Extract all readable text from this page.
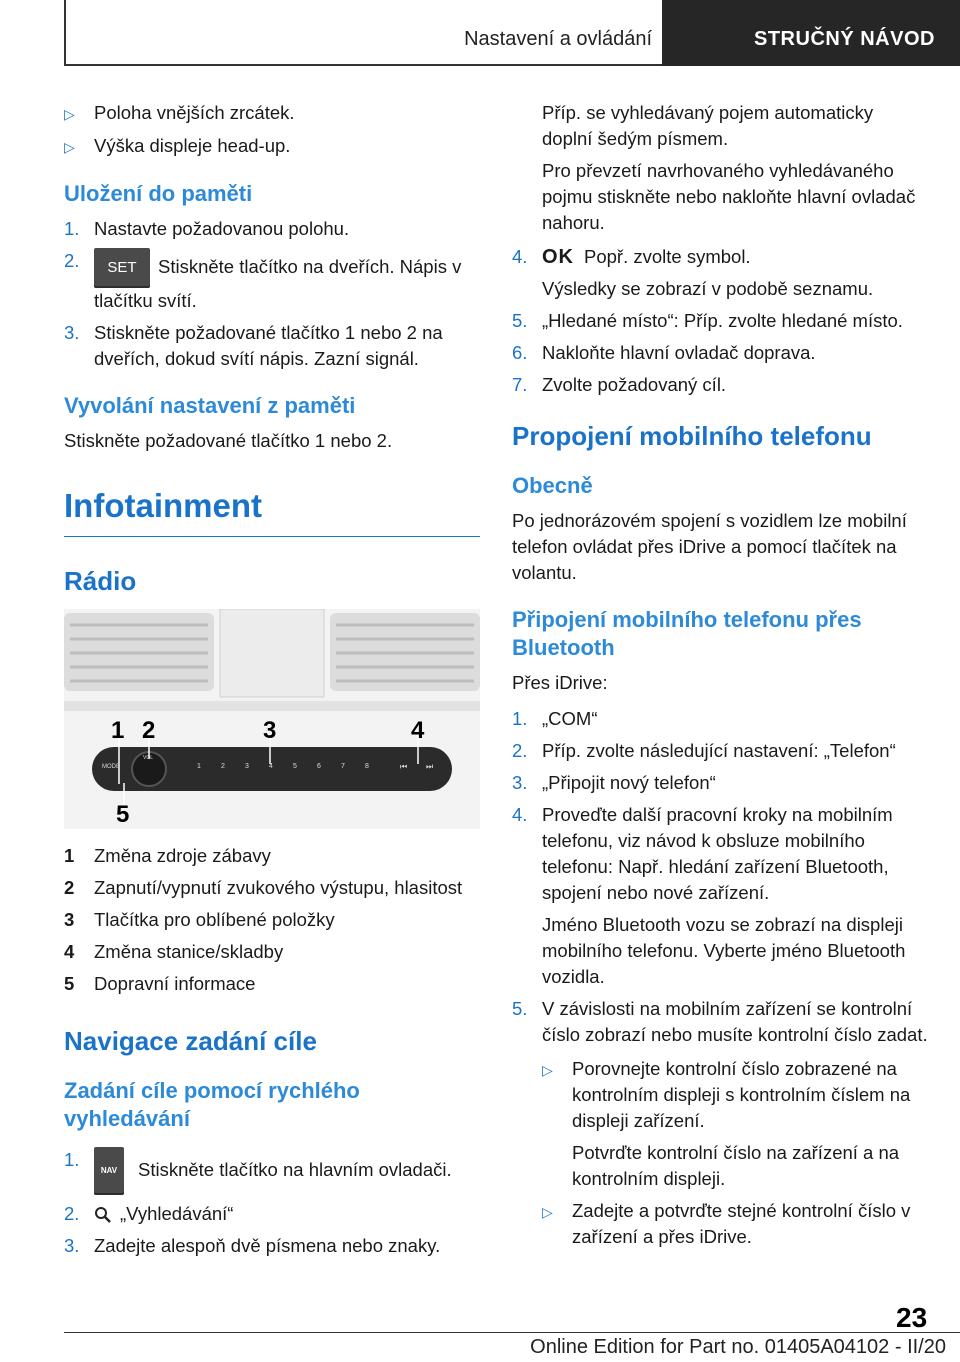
Nastavení a ovládání	STRUČNÝ NÁVOD
▷	Poloha vnějších zrcátek.
▷	Výška displeje head-up.
Uložení do paměti
1. Nastavte požadovanou polohu.
2.	SET Stiskněte tlačítko na dveřích. Nápis v tlačítku svítí.
3. Stiskněte požadované tlačítko 1 nebo 2 na dveřích, dokud svítí nápis. Zazní signál.
Vyvolání nastavení z paměti
Stiskněte požadované tlačítko 1 nebo 2.
Infotainment
Rádio
1 2	3	4
5
MODE
VOL
1	2	3	4	5	6	7	8	⏮ ⏭
1	Změna zdroje zábavy
2	Zapnutí/vypnutí zvukového výstupu, hlasitost
3	Tlačítka pro oblíbené položky
4	Změna stanice/skladby
5	Dopravní informace
Navigace zadání cíle
Zadání cíle pomocí rychlého vyhledávání
1.
NAV Stiskněte tlačítko na hlavním ovladači.
2.	„Vyhledávání“
3. Zadejte alespoň dvě písmena nebo znaky.
Příp. se vyhledávaný pojem automaticky doplní šedým písmem.
Pro převzetí navrhovaného vyhledávaného pojmu stiskněte nebo nakloňte hlavní ovladač nahoru.
4. OK Popř. zvolte symbol.
Výsledky se zobrazí v podobě seznamu.
5. „Hledané místo“: Příp. zvolte hledané místo.
6. Nakloňte hlavní ovladač doprava.
7. Zvolte požadovaný cíl.
Propojení mobilního telefonu
Obecně
Po jednorázovém spojení s vozidlem lze mobilní telefon ovládat přes iDrive a pomocí tlačítek na volantu.
Připojení mobilního telefonu přes Bluetooth
Přes iDrive:
1. „COM“
2. Příp. zvolte následující nastavení: „Telefon“
3. „Připojit nový telefon“
4. Proveďte další pracovní kroky na mobilním telefonu, viz návod k obsluze mobilního telefonu: Např. hledání zařízení Bluetooth, spojení nebo nové zařízení.
Jméno Bluetooth vozu se zobrazí na displeji mobilního telefonu. Vyberte jméno Bluetooth vozidla.
5. V závislosti na mobilním zařízení se kontrolní číslo zobrazí nebo musíte kontrolní číslo zadat.
▷	Porovnejte kontrolní číslo zobrazené na kontrolním displeji s kontrolním číslem na displeji zařízení.
Potvrďte kontrolní číslo na zařízení a na kontrolním displeji.
▷	Zadejte a potvrďte stejné kontrolní číslo v zařízení a přes iDrive.
23
Online Edition for Part no. 01405A04102 - II/20
